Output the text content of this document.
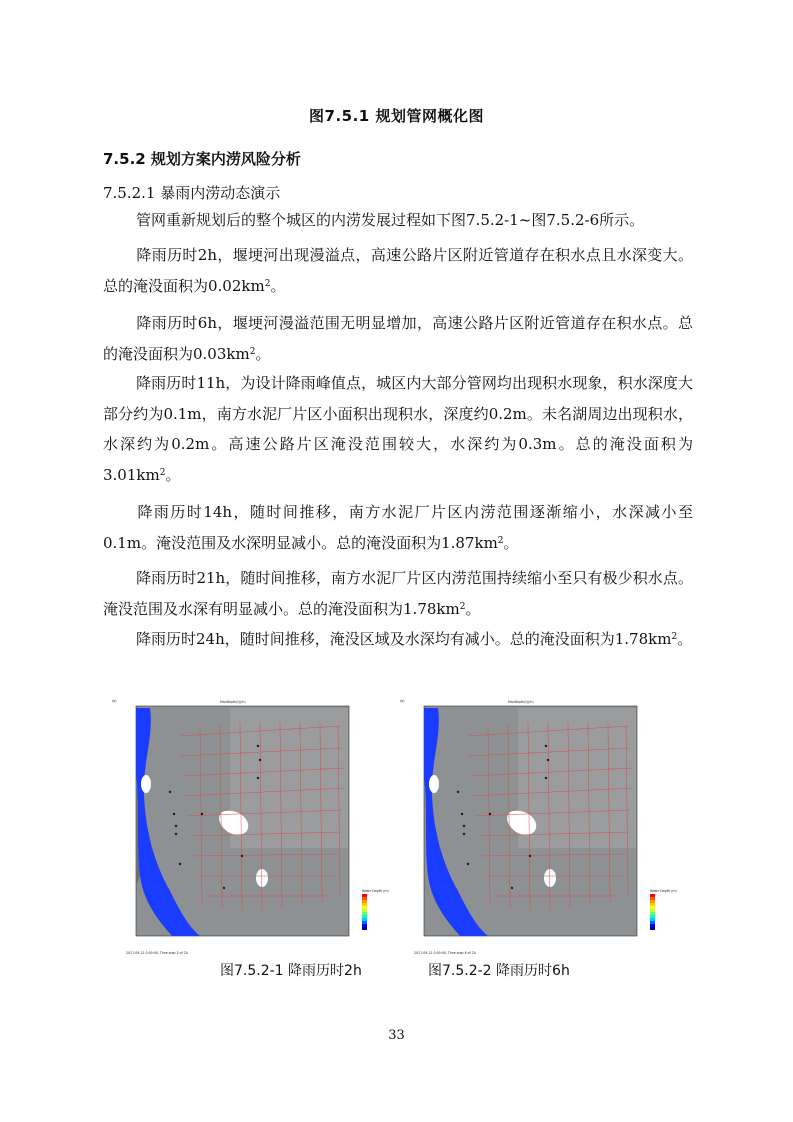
图7.5.1 规划管网概化图
7.5.2 规划方案内涝风险分析
7.5.2.1 暴雨内涝动态演示
管网重新规划后的整个城区的内涝发展过程如下图7.5.2-1~图7.5.2-6所示。
降雨历时2h，堰埂河出现漫溢点，高速公路片区附近管道存在积水点且水深变大。总的淹没面积为$0.02km^2$。
降雨历时6h，堰埂河漫溢范围无明显增加，高速公路片区附近管道存在积水点。总的淹没面积为$0.03km^2$。
降雨历时11h，为设计降雨峰值点，城区内大部分管网均出现积水现象，积水深度大部分约为0.1m，南方水泥厂片区小面积出现积水，深度约0.2m。未名湖周边出现积水，水深约为0.2m。高速公路片区淹没范围较大，水深约为0.3m。总的淹没面积为$3.01km^2$。
降雨历时14h，随时间推移，南方水泥厂片区内涝范围逐渐缩小，水深减小至0.1m。淹没范围及水深明显减小。总的淹没面积为$1.87km^2$。
降雨历时21h，随时间推移，南方水泥厂片区内涝范围持续缩小至只有极少积水点。淹没范围及水深有明显减小。总的淹没面积为$1.78km^2$。
降雨历时24h，随时间推移，淹没区域及水深均有减小。总的淹没面积为$1.78km^2$。
(a)	MaxDepth(t)(m)
Water Depth (m)
2017-09-21 0:00:00, Time step 2 of 24
(a)	MaxDepth(t)(m)
Water Depth (m)
2017-09-21 0:00:00, Time step 6 of 24
图7.5.2-1 降雨历时2h	图7.5.2-2 降雨历时6h
33
